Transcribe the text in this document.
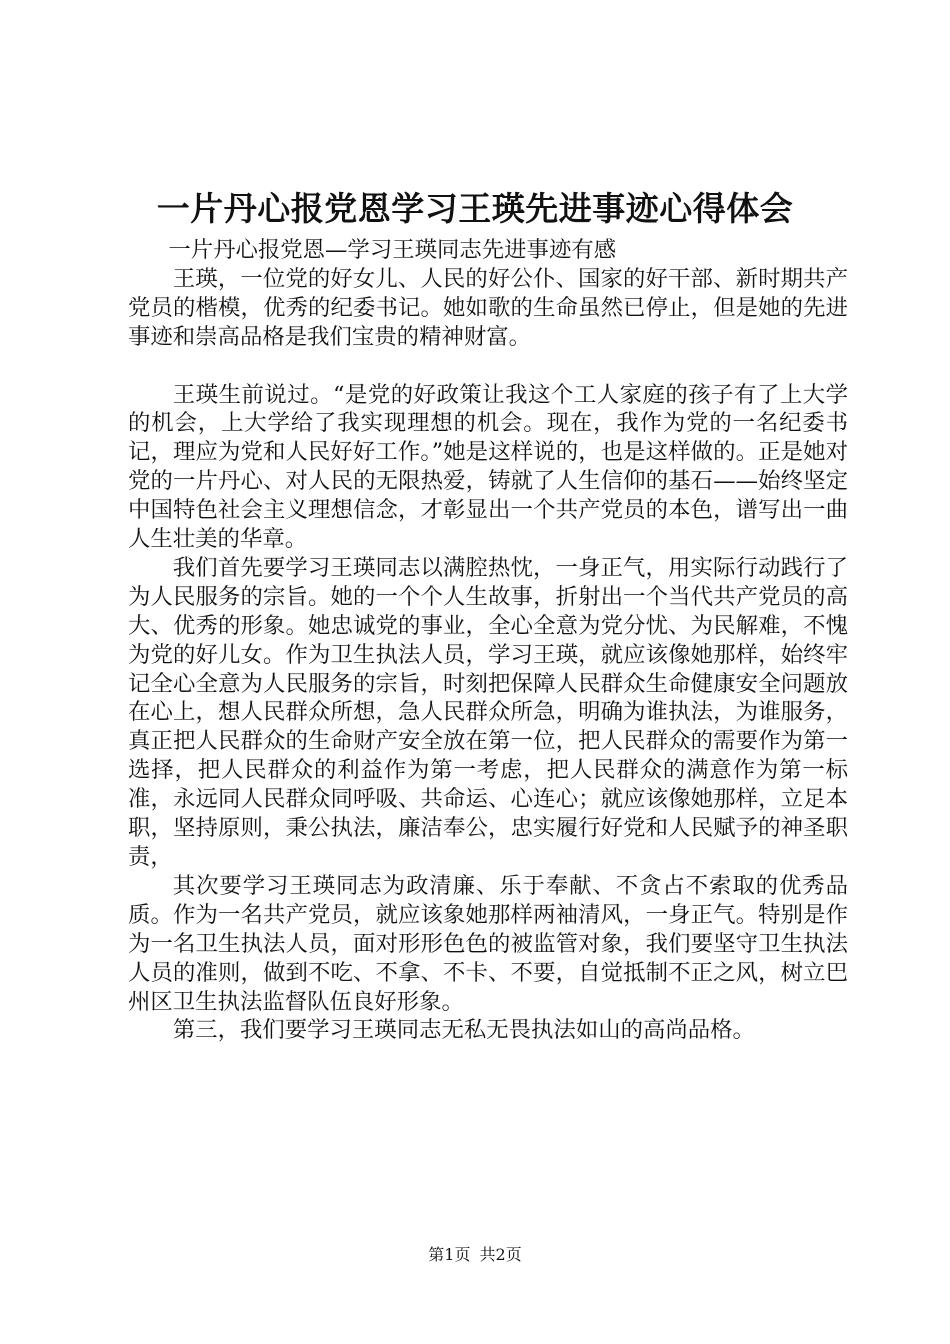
一片丹心报党恩学习王瑛先进事迹心得体会

一片丹心报党恩—学习王瑛同志先进事迹有感

王瑛，一位党的好女儿、人民的好公仆、国家的好干部、新时期共产党员的楷模，优秀的纪委书记。她如歌的生命虽然已停止，但是她的先进事迹和崇高品格是我们宝贵的精神财富。

王瑛生前说过。“是党的好政策让我这个工人家庭的孩子有了上大学的机会，上大学给了我实现理想的机会。现在，我作为党的一名纪委书记，理应为党和人民好好工作。”她是这样说的，也是这样做的。正是她对党的一片丹心、对人民的无限热爱，铸就了人生信仰的基石——始终坚定中国特色社会主义理想信念，才彰显出一个共产党员的本色，谱写出一曲人生壮美的华章。

我们首先要学习王瑛同志以满腔热忱，一身正气，用实际行动践行了为人民服务的宗旨。她的一个个人生故事，折射出一个当代共产党员的高大、优秀的形象。她忠诚党的事业，全心全意为党分忧、为民解难，不愧为党的好儿女。作为卫生执法人员，学习王瑛，就应该像她那样，始终牢记全心全意为人民服务的宗旨，时刻把保障人民群众生命健康安全问题放在心上，想人民群众所想，急人民群众所急，明确为谁执法，为谁服务，真正把人民群众的生命财产安全放在第一位，把人民群众的需要作为第一选择，把人民群众的利益作为第一考虑，把人民群众的满意作为第一标准，永远同人民群众同呼吸、共命运、心连心；就应该像她那样，立足本职，坚持原则，秉公执法，廉洁奉公，忠实履行好党和人民赋予的神圣职责，

其次要学习王瑛同志为政清廉、乐于奉献、不贪占不索取的优秀品质。作为一名共产党员，就应该象她那样两袖清风，一身正气。特别是作为一名卫生执法人员，面对形形色色的被监管对象，我们要坚守卫生执法人员的准则，做到不吃、不拿、不卡、不要，自觉抵制不正之风，树立巴州区卫生执法监督队伍良好形象。

第三，我们要学习王瑛同志无私无畏执法如山的高尚品格。

第1页 共2页
